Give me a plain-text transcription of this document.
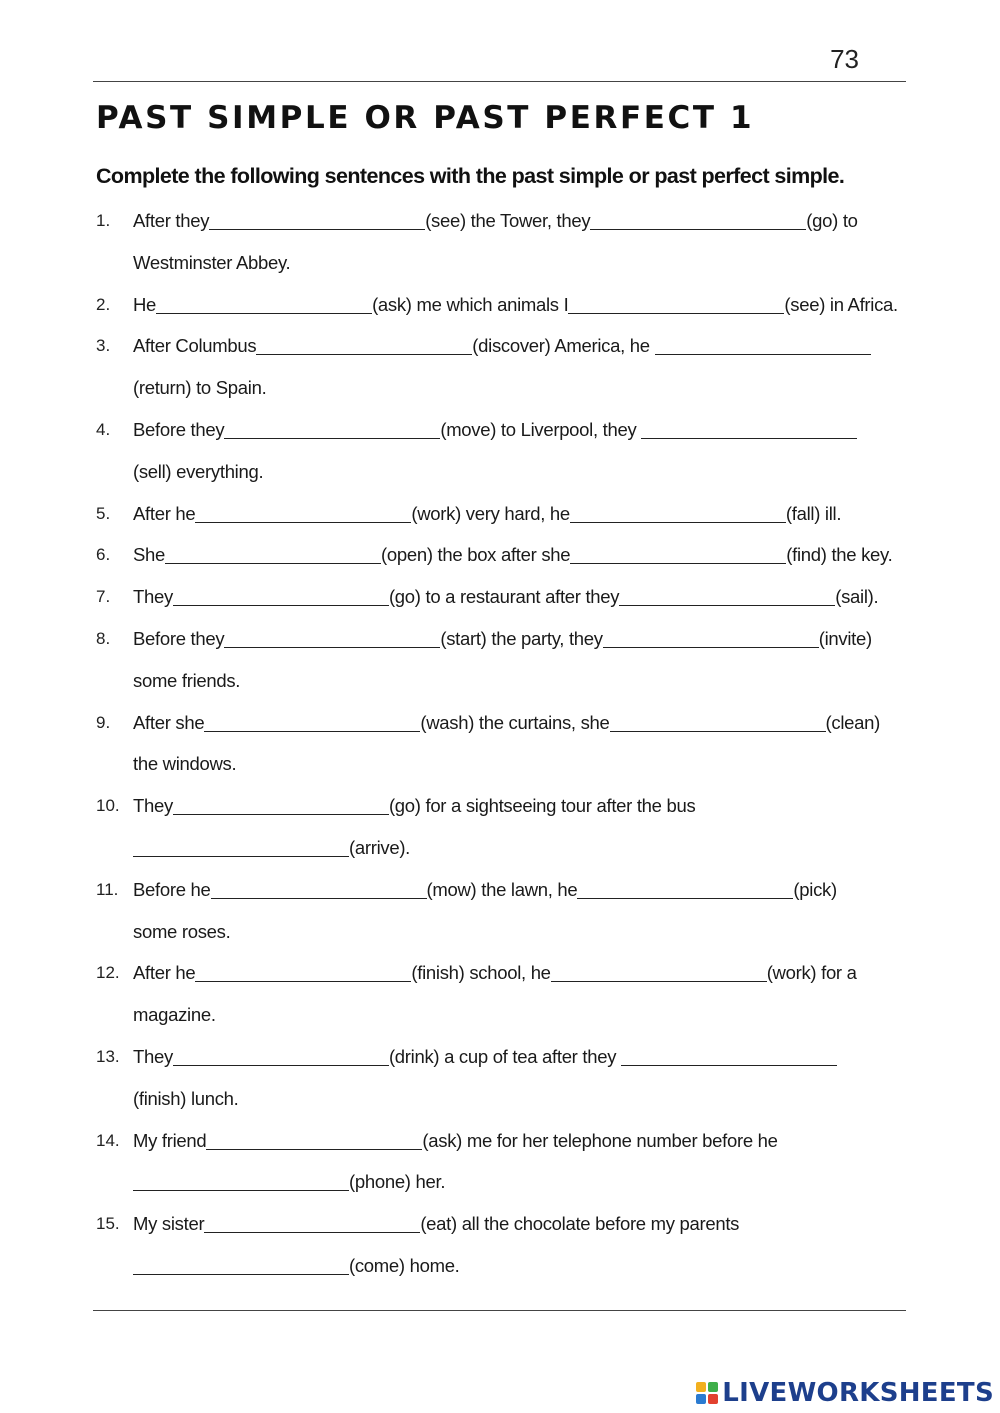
73
PAST SIMPLE OR PAST PERFECT 1

Complete the following sentences with the past simple or past perfect simple.

1. After they	(see) the Tower, they	(go) to
Westminster Abbey.
2. He	(ask) me which animals I	(see) in Africa.
3. After Columbus	(discover) America, he
(return) to Spain.
4. Before they	(move) to Liverpool, they
(sell) everything.
5. After he	(work) very hard, he	(fall) ill.
6. She	(open) the box after she	(find) the key.
7. They	(go) to a restaurant after they	(sail).
8. Before they	(start) the party, they	(invite)
some friends.
9. After she	(wash) the curtains, she	(clean)
the windows.
10. They	(go) for a sightseeing tour after the bus
(arrive).
11. Before he	(mow) the lawn, he	(pick)
some roses.
12. After he	(finish) school, he	(work) for a
magazine.
13. They	(drink) a cup of tea after they
(finish) lunch.
14. My friend	(ask) me for her telephone number before he
(phone) her.
15. My sister	(eat) all the chocolate before my parents
(come) home.
LIVEWORKSHEETS
